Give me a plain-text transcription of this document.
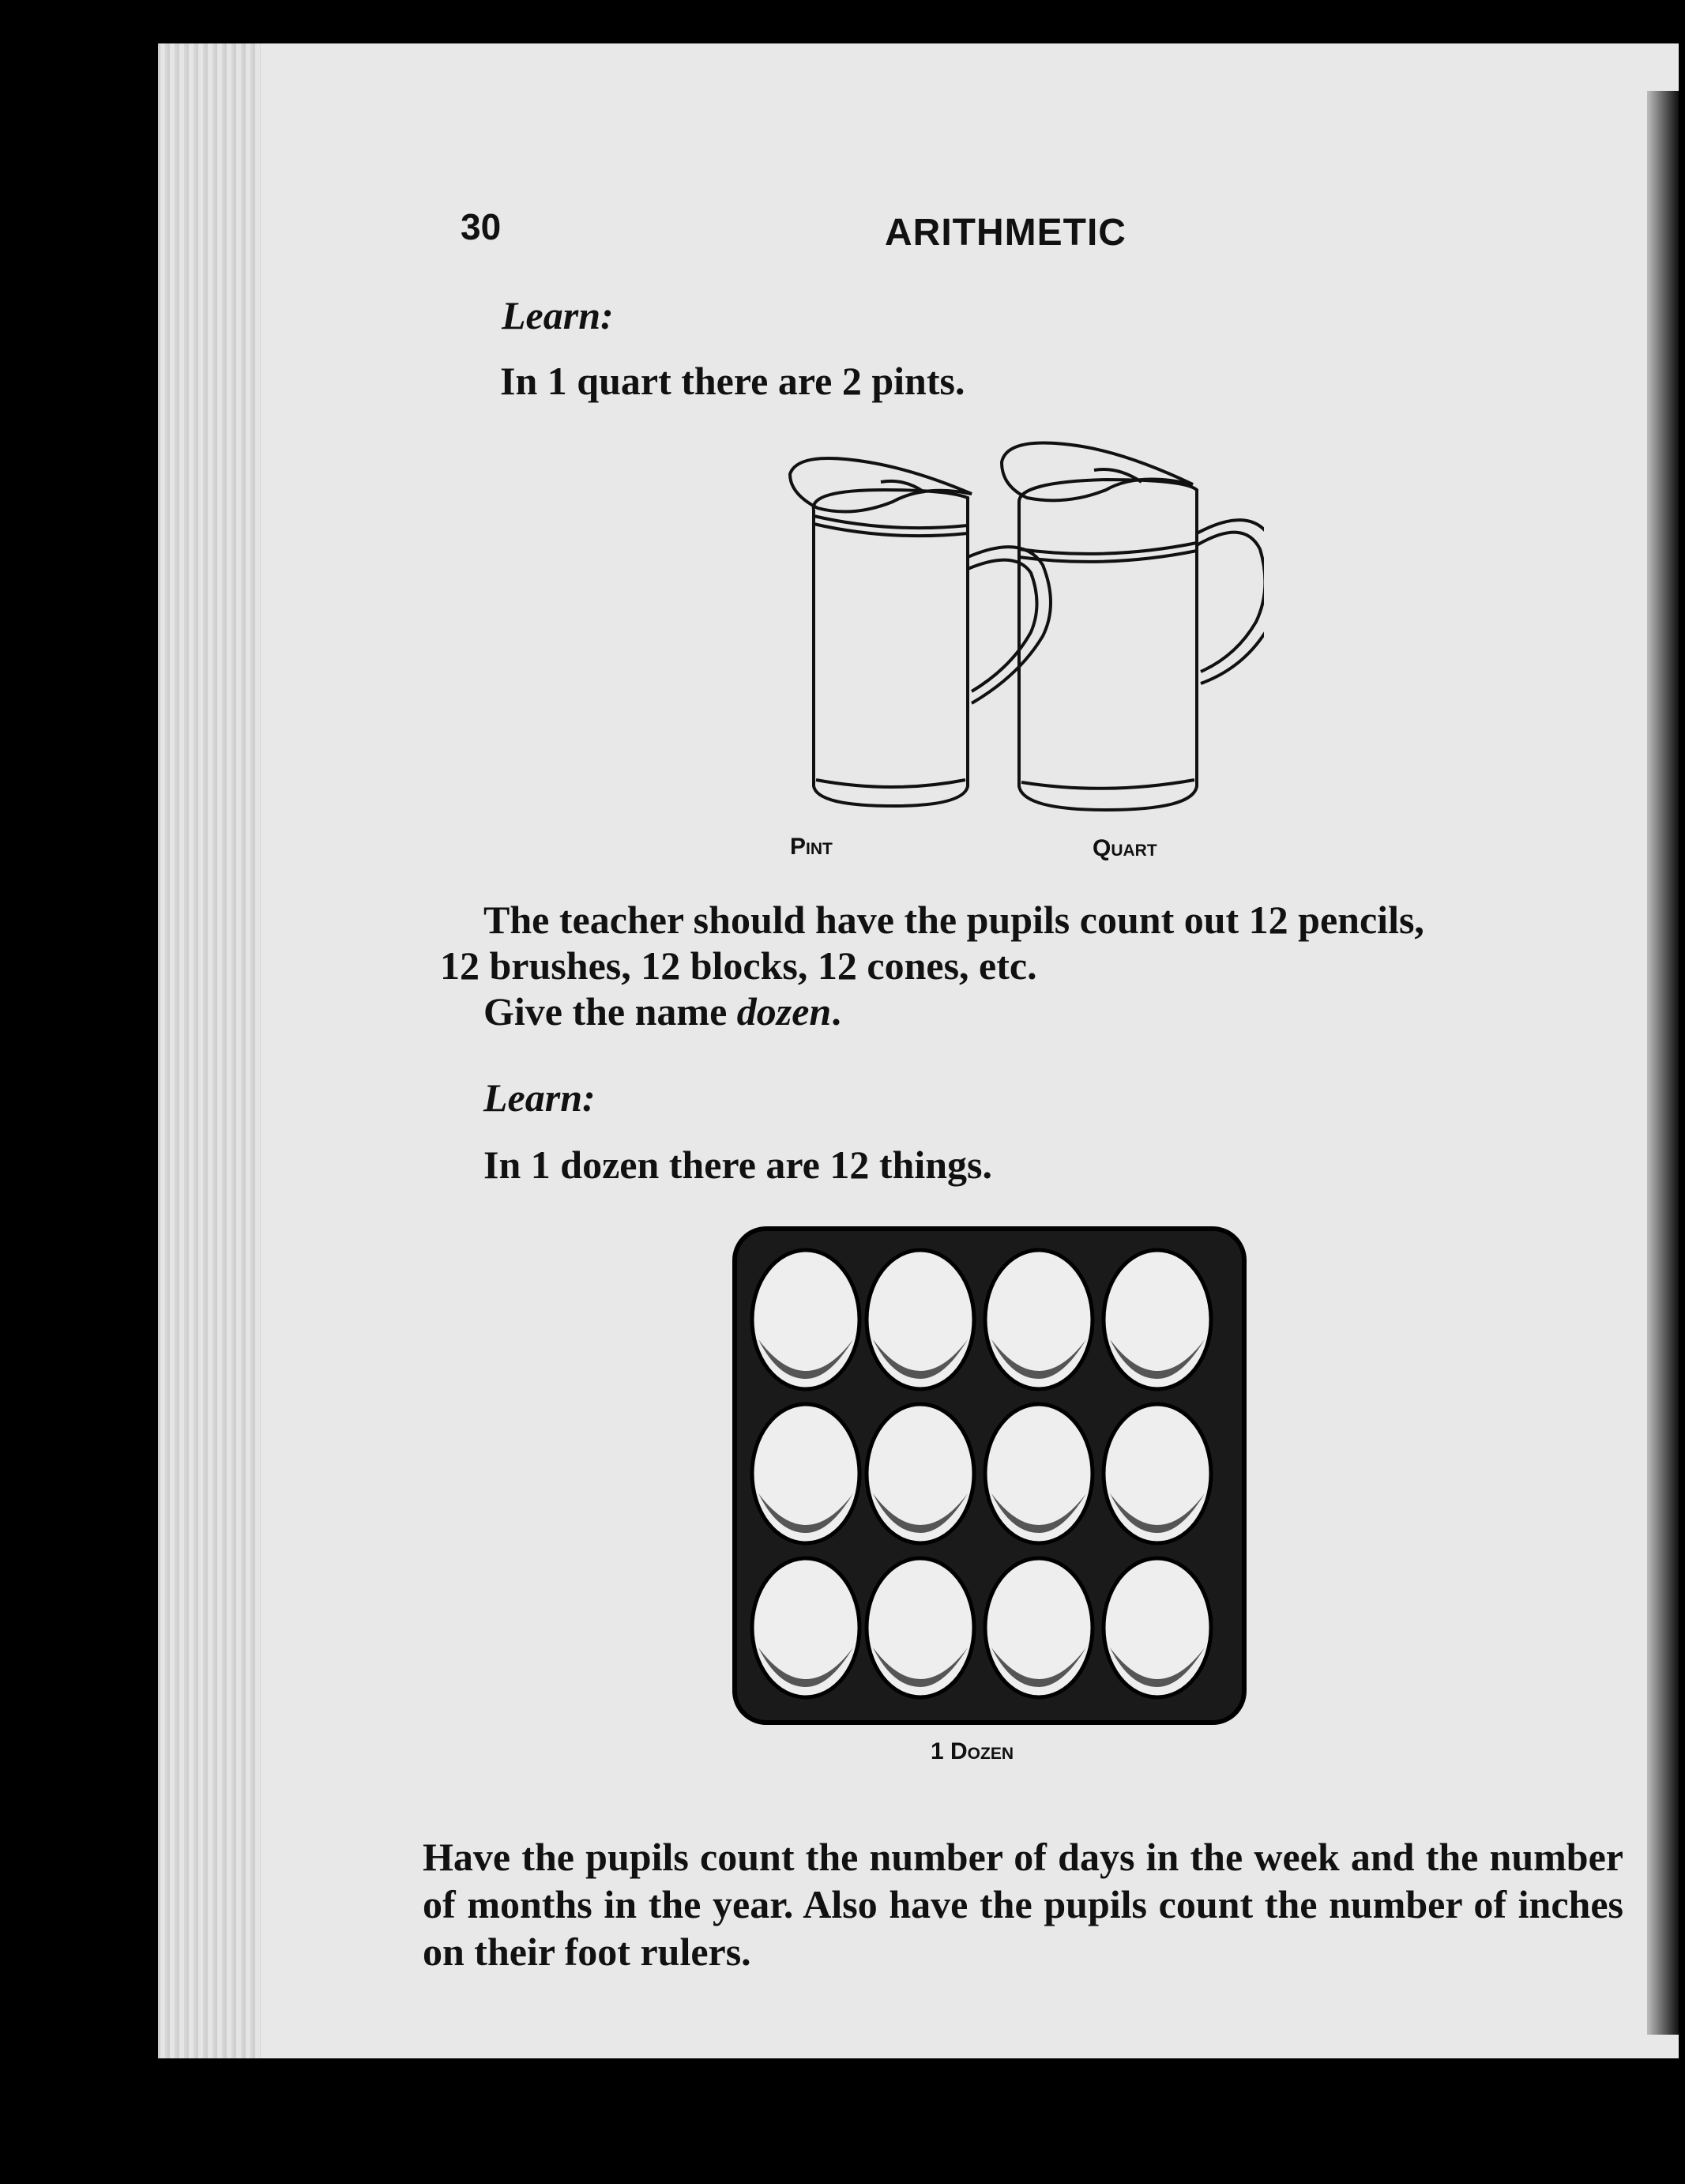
30	ARITHMETIC
Learn:
In 1 quart there are 2 pints.
Pint	Quart
The teacher should have the pupils count out 12 pencils,
12 brushes, 12 blocks, 12 cones, etc.
Give the name dozen.
Learn:
In 1 dozen there are 12 things.
1 Dozen
Have the pupils count the number of days in the week and the number of months in the year. Also have the pupils count the number of inches on their foot rulers.
